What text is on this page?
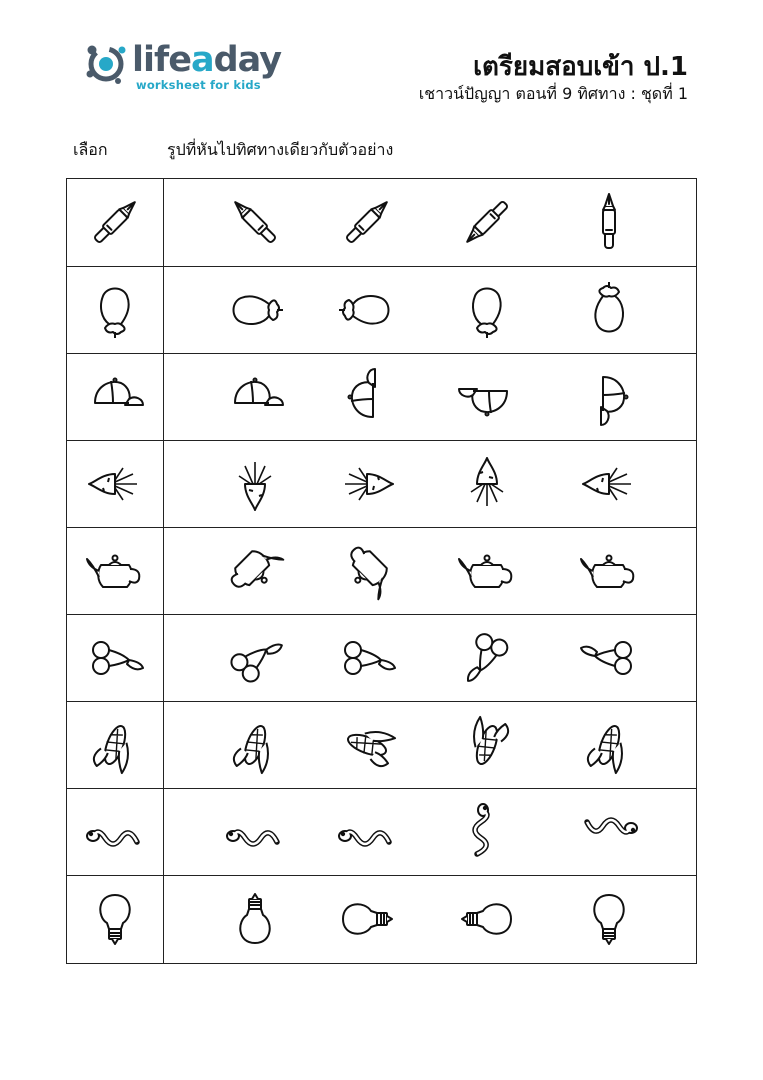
lifeaday
worksheet for kids
เตรียมสอบเข้า ป.1
เชาวน์ปัญญา ตอนที่ 9 ทิศทาง : ชุดที่ 1
เลือก	รูปที่หันไปทิศทางเดียวกับตัวอย่าง
